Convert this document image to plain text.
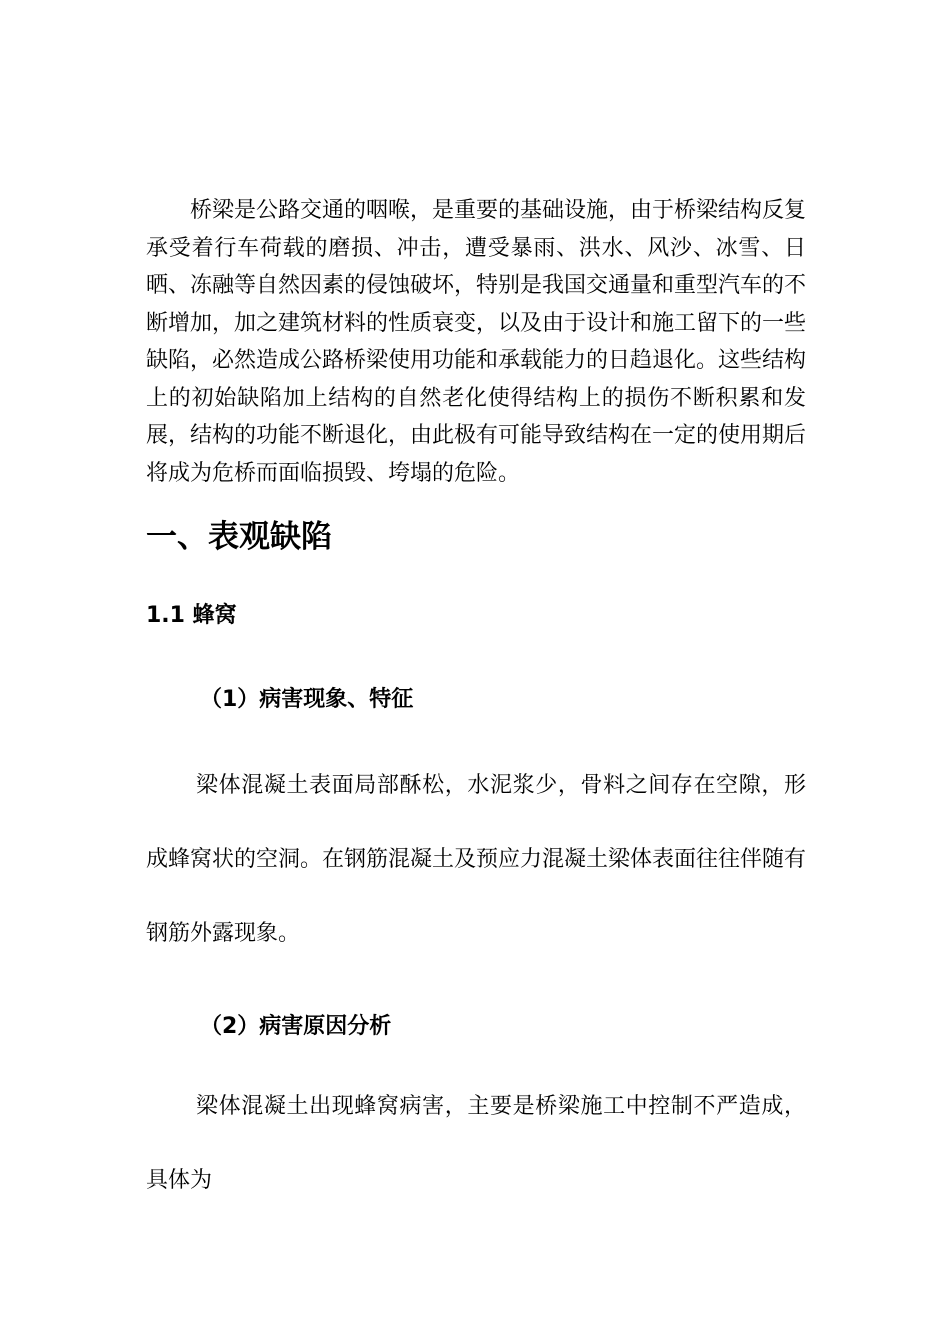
桥梁是公路交通的咽喉，是重要的基础设施，由于桥梁结构反复承受着行车荷载的磨损、冲击，遭受暴雨、洪水、风沙、冰雪、日晒、冻融等自然因素的侵蚀破坏，特别是我国交通量和重型汽车的不断增加，加之建筑材料的性质衰变，以及由于设计和施工留下的一些缺陷，必然造成公路桥梁使用功能和承载能力的日趋退化。这些结构上的初始缺陷加上结构的自然老化使得结构上的损伤不断积累和发展，结构的功能不断退化，由此极有可能导致结构在一定的使用期后将成为危桥而面临损毁、垮塌的危险。

一、表观缺陷
1.1 蜂窝
（1）病害现象、特征

梁体混凝土表面局部酥松，水泥浆少，骨料之间存在空隙，形成蜂窝状的空洞。在钢筋混凝土及预应力混凝土梁体表面往往伴随有钢筋外露现象。

（2）病害原因分析

梁体混凝土出现蜂窝病害，主要是桥梁施工中控制不严造成，具体为
